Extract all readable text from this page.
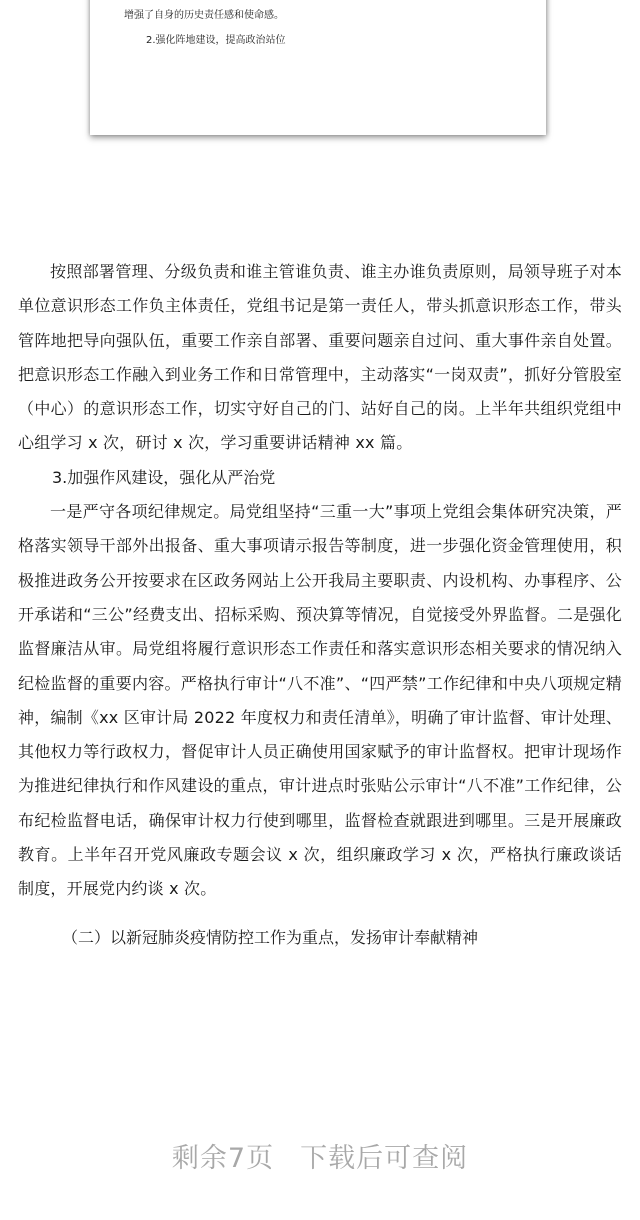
增强了自身的历史责任感和使命感。
2.强化阵地建设，提高政治站位

按照部署管理、分级负责和谁主管谁负责、谁主办谁负责原则，局领导班子对本单位意识形态工作负主体责任，党组书记是第一责任人，带头抓意识形态工作，带头管阵地把导向强队伍，重要工作亲自部署、重要问题亲自过问、重大事件亲自处置。把意识形态工作融入到业务工作和日常管理中，主动落实“一岗双责”，抓好分管股室（中心）的意识形态工作，切实守好自己的门、站好自己的岗。上半年共组织党组中心组学习 x 次，研讨 x 次，学习重要讲话精神 xx 篇。

3.加强作风建设，强化从严治党

一是严守各项纪律规定。局党组坚持“三重一大”事项上党组会集体研究决策，严格落实领导干部外出报备、重大事项请示报告等制度，进一步强化资金管理使用，积极推进政务公开按要求在区政务网站上公开我局主要职责、内设机构、办事程序、公开承诺和“三公”经费支出、招标采购、预决算等情况，自觉接受外界监督。二是强化监督廉洁从审。局党组将履行意识形态工作责任和落实意识形态相关要求的情况纳入纪检监督的重要内容。严格执行审计“八不准”、“四严禁”工作纪律和中央八项规定精神，编制《xx 区审计局 2022 年度权力和责任清单》，明确了审计监督、审计处理、其他权力等行政权力，督促审计人员正确使用国家赋予的审计监督权。把审计现场作为推进纪律执行和作风建设的重点，审计进点时张贴公示审计“八不准”工作纪律，公布纪检监督电话，确保审计权力行使到哪里，监督检查就跟进到哪里。三是开展廉政教育。上半年召开党风廉政专题会议 x 次，组织廉政学习 x 次，严格执行廉政谈话制度，开展党内约谈 x 次。

（二）以新冠肺炎疫情防控工作为重点，发扬审计奉献精神

剩余7页 下载后可查阅
